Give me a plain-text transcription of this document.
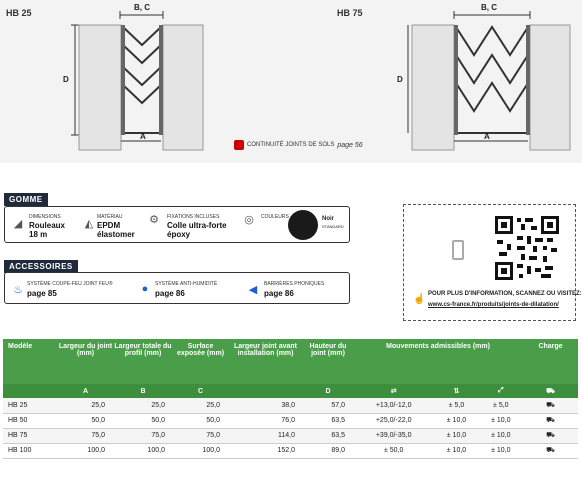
HB 25	HB 75
B, C
D
A
B, C
D
A
CONTINUITÉ JOINTS DE SOLS page 56
GOMME
◢
DIMENSIONS
Rouleaux
18 m
◭
MATÉRIAU
EPDM
élastomer
⚙ FIXATIONS INCLUSES
Colle ultra-forte
époxy
◎ COULEURS	Noir
STANDARD
ACCESSOIRES
♨ SYSTÈME COUPE-FEU JOINT FEU®
page 85	●	SYSTÈME ANTI-HUMIDITÉ
page 86	◀	BARRIÈRES PHONIQUES
page 86	POUR PLUS D'INFORMATION, SCANNEZ OU VISITEZ:
www.cs-france.fr/produits/joints-de-dilatation/
☝
Modèle	Largeur du joint (mm)	Largeur totale du profil (mm)	Surface exposée (mm)	Largeur joint avant installation (mm)	Hauteur du joint (mm)	Mouvements admissibles (mm)			Charge
	A	B	C		D	⇄	⇅	⤢	⛟
HB 25	25,0	25,0	25,0	38,0	57,0	+13,0/-12,0	± 5,0	± 5,0	⛟
HB 50	50,0	50,0	50,0	76,0	63,5	+25,0/-22,0	± 10,0	± 10,0	⛟
HB 75	75,0	75,0	75,0	114,0	63,5	+39,0/-35,0	± 10,0	± 10,0	⛟
HB 100	100,0	100,0	100,0	152,0	89,0	± 50,0	± 10,0	± 10,0	⛟
